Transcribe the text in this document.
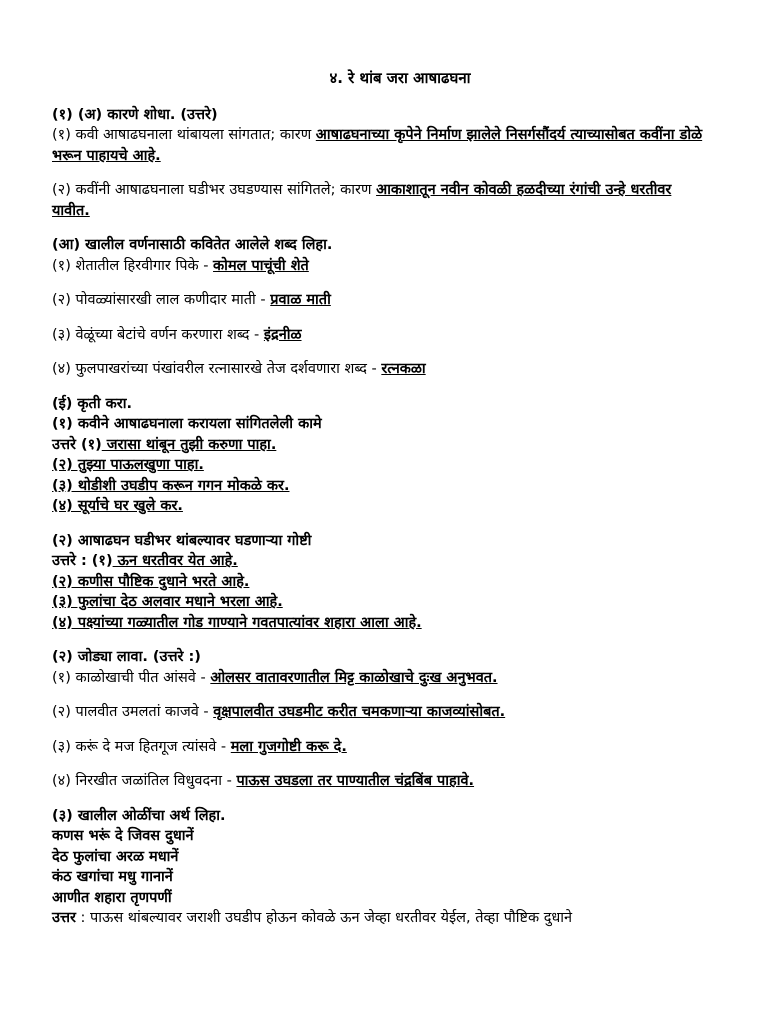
४. रे थांब जरा आषाढघना
(१) (अ) कारणे शोधा. (उत्तरे)
(१) कवी आषाढघनाला थांबायला सांगतात; कारण आषाढघनाच्या कृपेने निर्माण झालेले निसर्गसौंदर्य त्याच्यासोबत कवींना डोळे भरून पाहायचे आहे.
(२) कवींनी आषाढघनाला घडीभर उघडण्यास सांगितले; कारण आकाशातून नवीन कोवळी हळदीच्या रंगांची उन्हे धरतीवर यावीत.
(आ) खालील वर्णनासाठी कवितेत आलेले शब्द लिहा.
(१) शेतातील हिरवीगार पिके - कोमल पाचूंची शेते
(२) पोवळ्यांसारखी लाल कणीदार माती - प्रवाळ माती
(३) वेळूंच्या बेटांचे वर्णन करणारा शब्द - इंद्रनीळ
(४) फुलपाखरांच्या पंखांवरील रत्नासारखे तेज दर्शवणारा शब्द - रत्नकळा
(ई) कृती करा.
(१) कवीने आषाढघनाला करायला सांगितलेली कामे
उत्तरे (१) जरासा थांबून तुझी करुणा पाहा.
(२) तुझ्या पाऊलखुणा पाहा.
(३) थोडीशी उघडीप करून गगन मोकळे कर.
(४) सूर्याचे घर खुले कर.
(२) आषाढघन घडीभर थांबल्यावर घडणाऱ्या गोष्टी
उत्तरे : (१) ऊन धरतीवर येत आहे.
(२) कणीस पौष्टिक दुधाने भरते आहे.
(३) फुलांचा देठ अलवार मधाने भरला आहे.
(४) पक्ष्यांच्या गळ्यातील गोड गाण्याने गवतपात्यांवर शहारा आला आहे.
(२) जोड्या लावा. (उत्तरे :)
(१) काळोखाची पीत आंसवे - ओलसर वातावरणातील मिट्ट काळोखाचे दुःख अनुभवत.
(२) पालवीत उमलतां काजवे - वृक्षपालवीत उघडमीट करीत चमकणाऱ्या काजव्यांसोबत.
(३) करूं दे मज हितगूज त्यांसवे - मला गुजगोष्टी करू दे.
(४) निरखीत जळांतिल विधुवदना - पाऊस उघडला तर पाण्यातील चंद्रबिंब पाहावे.
(३) खालील ओळींचा अर्थ लिहा.
कणस भरूं दे जिवस दुधानें
देठ फुलांचा अरळ मधानें
कंठ खगांचा मधु गानानें
आणीत शहारा तृणपणीं
उत्तर : पाऊस थांबल्यावर जराशी उघडीप होऊन कोवळे ऊन जेव्हा धरतीवर येईल, तेव्हा पौष्टिक दुधाने
